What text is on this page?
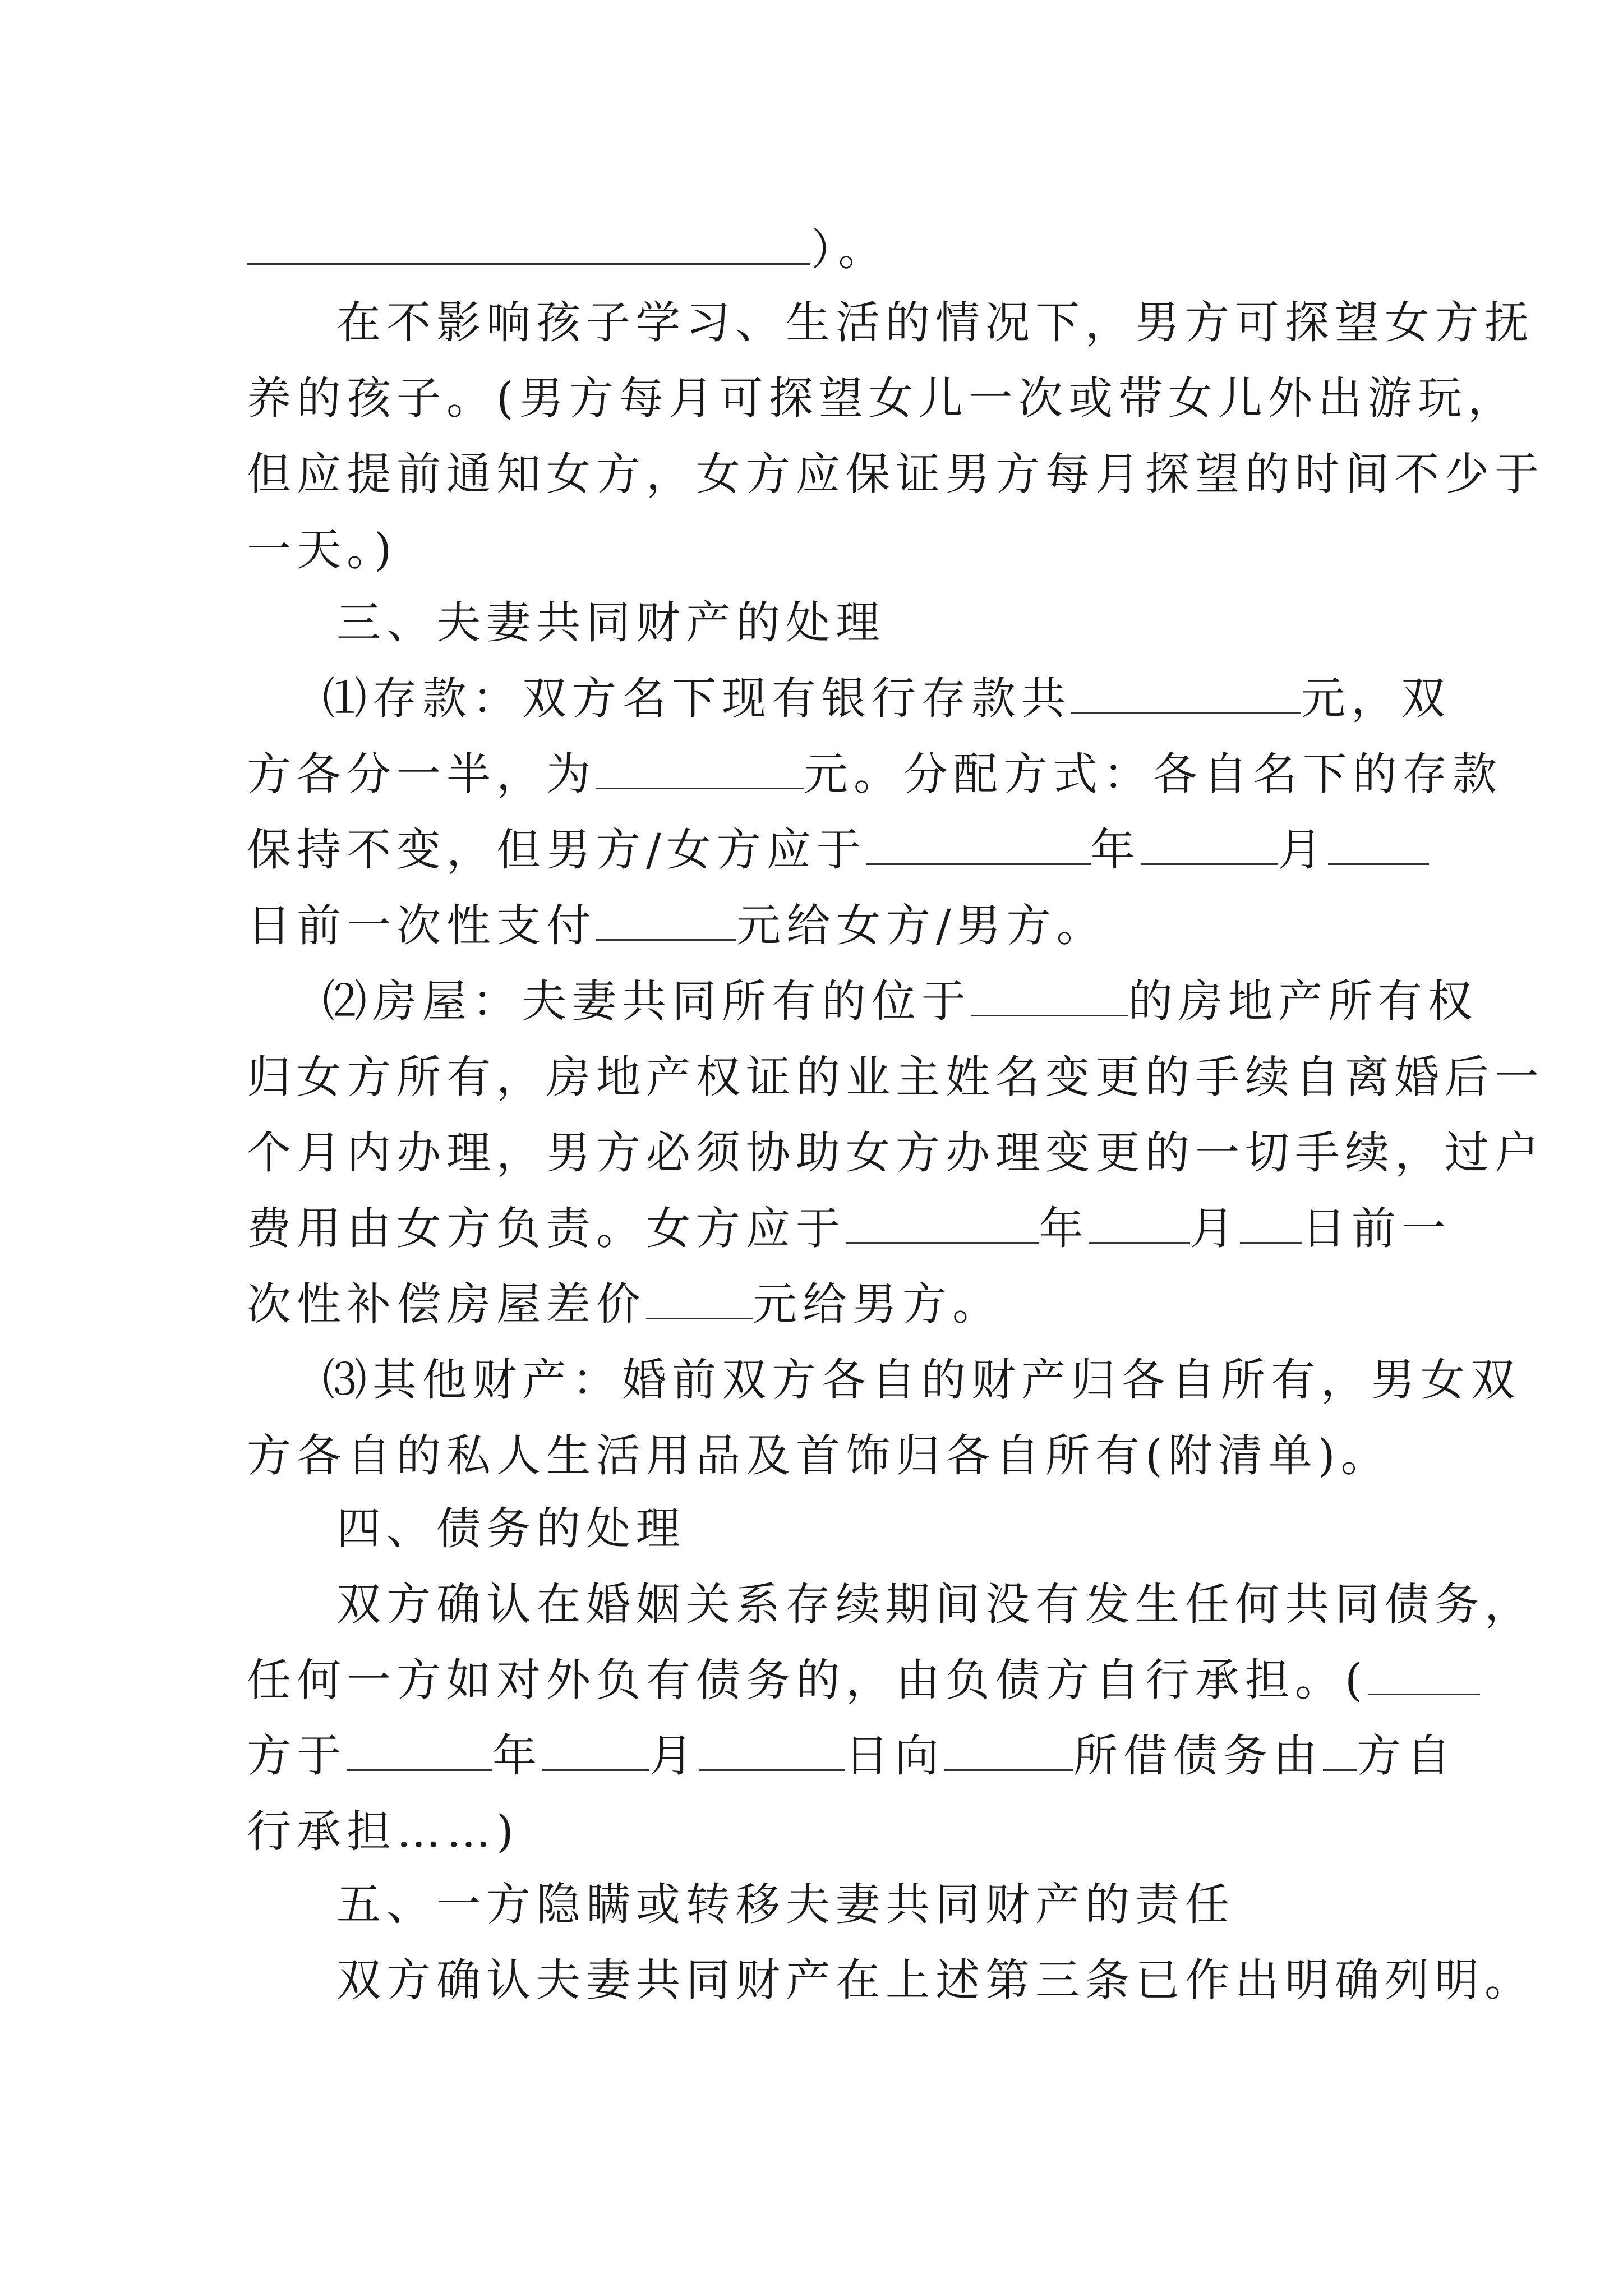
）。
在不影响孩子学习、生活的情况下，男方可探望女方抚
养的孩子。(男方每月可探望女儿一次或带女儿外出游玩，
但应提前通知女方，女方应保证男方每月探望的时间不少于
一天。)
三、夫妻共同财产的处理
⑴存款：双方名下现有银行存款共	元，双
方各分一半，为	元。分配方式：各自名下的存款
保持不变，但男方/女方应于	年	月
日前一次性支付	元给女方/男方。
⑵房屋：夫妻共同所有的位于	的房地产所有权
归女方所有，房地产权证的业主姓名变更的手续自离婚后一
个月内办理，男方必须协助女方办理变更的一切手续，过户
费用由女方负责。女方应于	年 月 日前一
次性补偿房屋差价 元给男方。
⑶其他财产：婚前双方各自的财产归各自所有，男女双
方各自的私人生活用品及首饰归各自所有(附清单)。
四、债务的处理
双方确认在婚姻关系存续期间没有发生任何共同债务，
任何一方如对外负有债务的，由负债方自行承担。(
方于	年 月	日向	所借债务由 方自
行承担……)
五、一方隐瞒或转移夫妻共同财产的责任
双方确认夫妻共同财产在上述第三条已作出明确列明。
